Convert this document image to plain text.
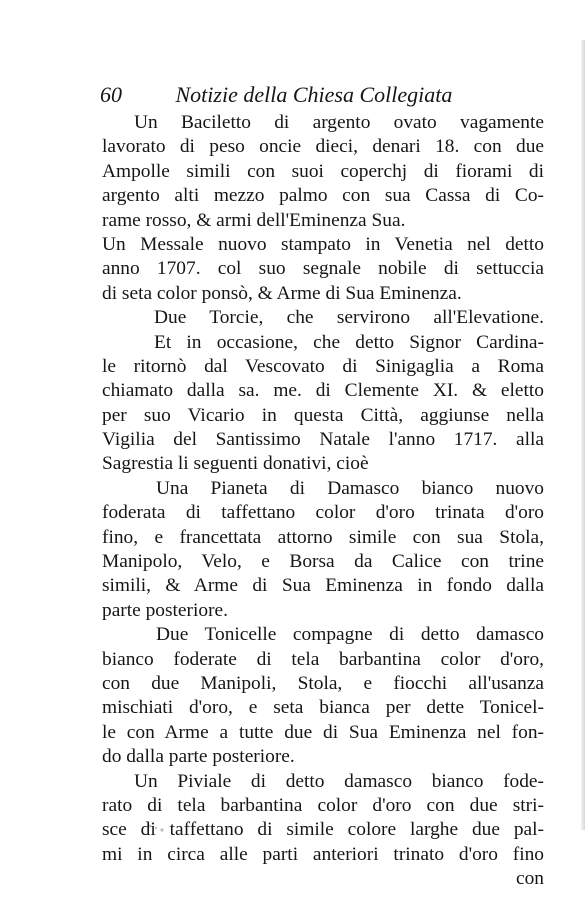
60 Notizie della Chiesa Collegiata
Un Bacilettο di argento ovato vagamente
lavorato di peso oncie dieci, denari 18. con due
Ampolle simili con suoi coperchj di fiorami di
argento alti mezzo palmo con sua Cassa di Co-
rame rosso, & armi dell'Eminenza Sua.
Un Messale nuovo stampato in Venetia nel detto
anno 1707. col suo segnale nobile di settuccia
di seta color ponsò, & Arme di Sua Eminenza.
Due Torcie, che servirono all'Elevatione.
Et in occasione, che detto Signor Cardina-
le ritornò dal Vescovato di Sinigaglia a Roma
chiamato dalla sa. me. di Clemente XI. & eletto
per suo Vicario in questa Città, aggiunse nella
Vigilia del Santissimo Natale l'anno 1717. alla
Sagrestia li seguenti donativi, cioè
Una Pianeta di Damasco bianco nuovo
foderata di taffettano color d'oro trinata d'oro
fino, e francettata attorno simile con sua Stola,
Manipolo, Velo, e Borsa da Calice con trine
simili, & Arme di Sua Eminenza in fondo dalla
parte posteriore.
Due Tonicelle compagne di detto damasco
bianco foderate di tela barbantina color d'oro,
con due Manipoli, Stola, e fiocchi all'usanza
mischiati d'oro, e seta bianca per dette Tonicel-
le con Arme a tutte due di Sua Eminenza nel fon-
do dalla parte posteriore.
Un Piviale di detto damasco bianco fode-
rato di tela barbantina color d'oro con due stri-
sce di taffettano di simile colore larghe due pal-
mi in circa alle parti anteriori trinato d'oro fino
con
